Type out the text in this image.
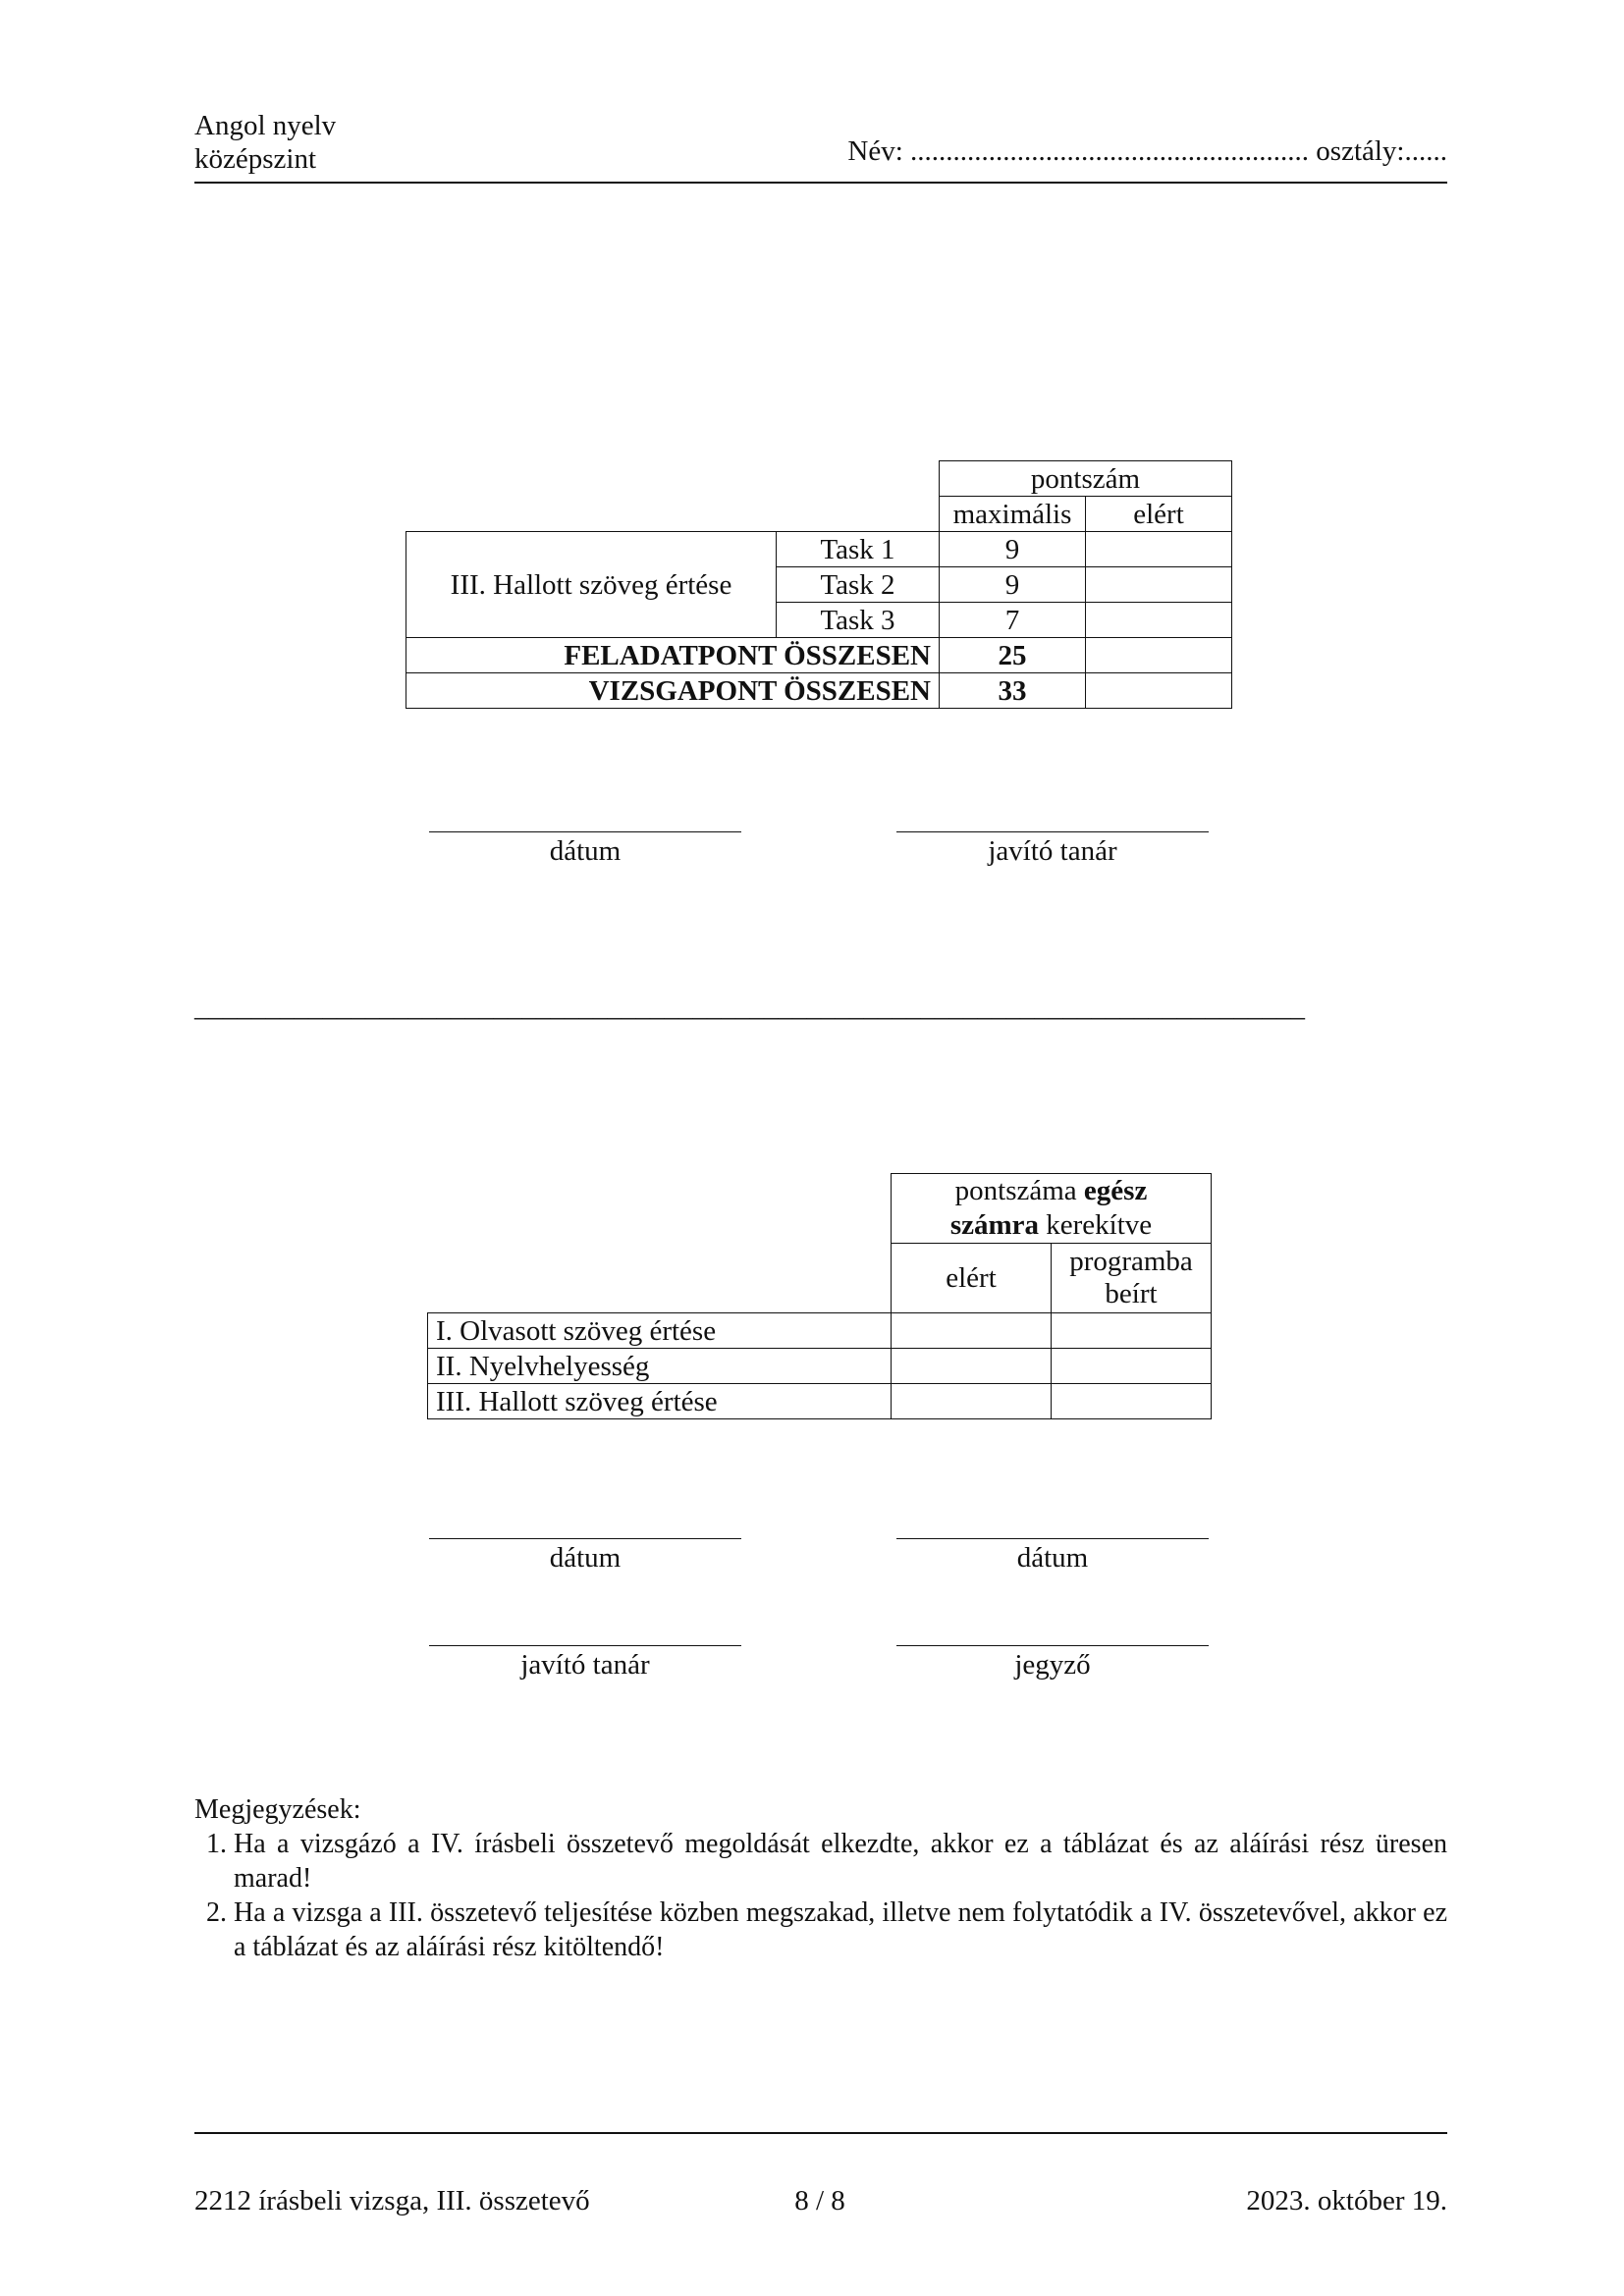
Angol nyelv
középszint	Név: ........................................................ osztály:......
		pontszám	
		maximális	elért
III. Hallott szöveg értése	Task 1	9	
	Task 2	9	
	Task 3	7	
FELADATPONT ÖSSZESEN		25	
VIZSGAPONT ÖSSZESEN		33	
dátum	javító tanár
______________________________________________________________________________
	pontszáma egész
számra kerekítve	
	elért	programba
beírt
I. Olvasott szöveg értése		
II. Nyelvhelyesség		
III. Hallott szöveg értése		
dátum	dátum
javító tanár	jegyző
Megjegyzések:
1. Ha a vizsgázó a IV. írásbeli összetevő megoldását elkezdte, akkor ez a táblázat és az aláírási rész üresen marad!
2. Ha a vizsga a III. összetevő teljesítése közben megszakad, illetve nem folytatódik a IV. összetevővel, akkor ez a táblázat és az aláírási rész kitöltendő!
2212 írásbeli vizsga, III. összetevő	8 / 8	2023. október 19.
